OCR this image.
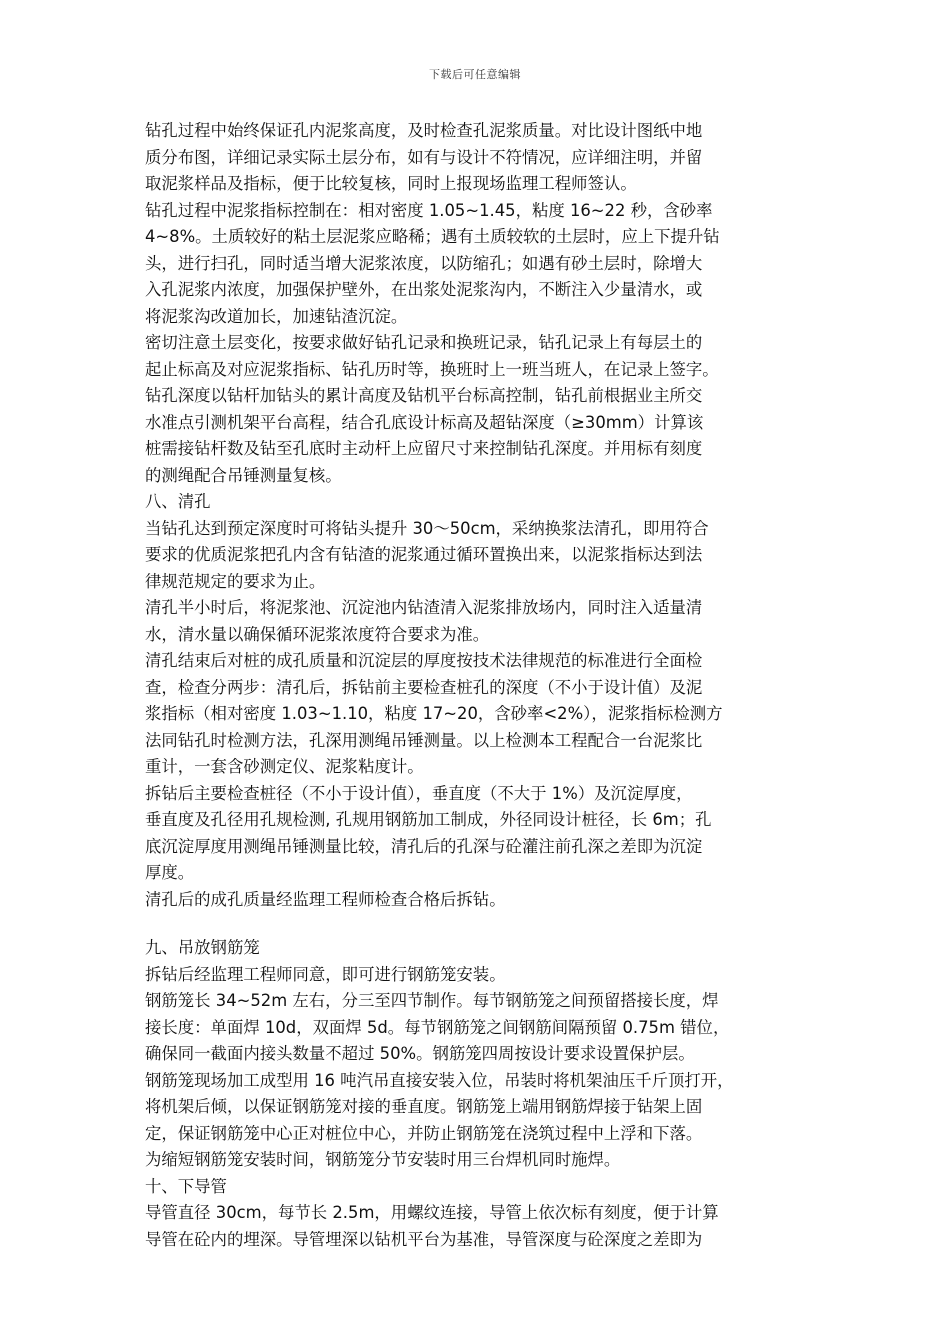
下载后可任意编辑
钻孔过程中始终保证孔内泥浆高度，及时检查孔泥浆质量。对比设计图纸中地
质分布图，详细记录实际土层分布，如有与设计不符情况，应详细注明，并留
取泥浆样品及指标，便于比较复核，同时上报现场监理工程师签认。
钻孔过程中泥浆指标控制在：相对密度 1.05~1.45，粘度 16~22 秒，含砂率
4~8%。土质较好的粘土层泥浆应略稀；遇有土质较软的土层时，应上下提升钻
头，进行扫孔，同时适当增大泥浆浓度，以防缩孔；如遇有砂土层时，除增大
入孔泥浆内浓度，加强保护壁外，在出浆处泥浆沟内，不断注入少量清水，或
将泥浆沟改道加长，加速钻渣沉淀。
密切注意土层变化，按要求做好钻孔记录和换班记录，钻孔记录上有每层土的
起止标高及对应泥浆指标、钻孔历时等，换班时上一班当班人，在记录上签字。
钻孔深度以钻杆加钻头的累计高度及钻机平台标高控制，钻孔前根据业主所交
水准点引测机架平台高程，结合孔底设计标高及超钻深度（≥30mm）计算该
桩需接钻杆数及钻至孔底时主动杆上应留尺寸来控制钻孔深度。并用标有刻度
的测绳配合吊锤测量复核。
八、清孔
当钻孔达到预定深度时可将钻头提升 30～50cm，采纳换浆法清孔，即用符合
要求的优质泥浆把孔内含有钻渣的泥浆通过循环置换出来，以泥浆指标达到法
律规范规定的要求为止。
清孔半小时后，将泥浆池、沉淀池内钻渣清入泥浆排放场内，同时注入适量清
水，清水量以确保循环泥浆浓度符合要求为准。
清孔结束后对桩的成孔质量和沉淀层的厚度按技术法律规范的标准进行全面检
查，检查分两步：清孔后，拆钻前主要检查桩孔的深度（不小于设计值）及泥
浆指标（相对密度 1.03~1.10，粘度 17~20，含砂率<2%），泥浆指标检测方
法同钻孔时检测方法，孔深用测绳吊锤测量。以上检测本工程配合一台泥浆比
重计，一套含砂测定仪、泥浆粘度计。
拆钻后主要检查桩径（不小于设计值），垂直度（不大于 1%）及沉淀厚度，
垂直度及孔径用孔规检测, 孔规用钢筋加工制成，外径同设计桩径，长 6m；孔
底沉淀厚度用测绳吊锤测量比较，清孔后的孔深与砼灌注前孔深之差即为沉淀
厚度。
清孔后的成孔质量经监理工程师检查合格后拆钻。
九、吊放钢筋笼
拆钻后经监理工程师同意，即可进行钢筋笼安装。
钢筋笼长 34~52m 左右，分三至四节制作。每节钢筋笼之间预留搭接长度，焊
接长度：单面焊 10d，双面焊 5d。每节钢筋笼之间钢筋间隔预留 0.75m 错位，
确保同一截面内接头数量不超过 50%。钢筋笼四周按设计要求设置保护层。
钢筋笼现场加工成型用 16 吨汽吊直接安装入位，吊装时将机架油压千斤顶打开，
将机架后倾，以保证钢筋笼对接的垂直度。钢筋笼上端用钢筋焊接于钻架上固
定，保证钢筋笼中心正对桩位中心，并防止钢筋笼在浇筑过程中上浮和下落。
为缩短钢筋笼安装时间，钢筋笼分节安装时用三台焊机同时施焊。
十、下导管
导管直径 30cm，每节长 2.5m，用螺纹连接，导管上依次标有刻度，便于计算
导管在砼内的埋深。导管埋深以钻机平台为基准，导管深度与砼深度之差即为
